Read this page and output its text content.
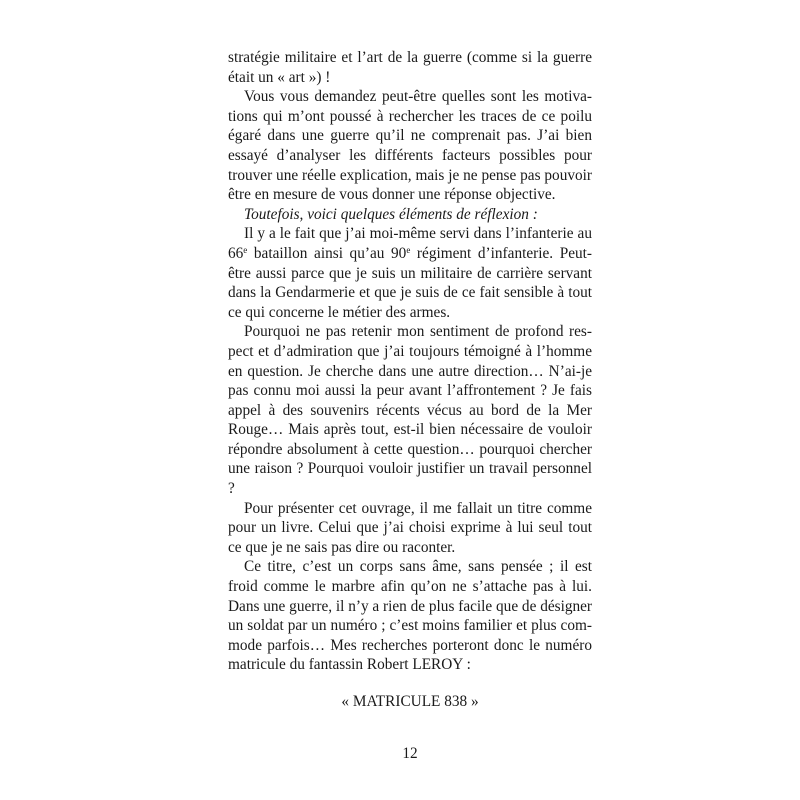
stratégie militaire et l’art de la guerre (comme si la guerre était un « art ») !

Vous vous demandez peut-être quelles sont les motivations qui m’ont poussé à rechercher les traces de ce poilu égaré dans une guerre qu’il ne comprenait pas. J’ai bien essayé d’analyser les différents facteurs possibles pour trouver une réelle explication, mais je ne pense pas pouvoir être en mesure de vous donner une réponse objective.

Toutefois, voici quelques éléments de réflexion :

Il y a le fait que j’ai moi-même servi dans l’infanterie au 66e bataillon ainsi qu’au 90e régiment d’infanterie. Peut-être aussi parce que je suis un militaire de carrière servant dans la Gendarmerie et que je suis de ce fait sensible à tout ce qui concerne le métier des armes.

Pourquoi ne pas retenir mon sentiment de profond respect et d’admiration que j’ai toujours témoigné à l’homme en question. Je cherche dans une autre direction… N’ai-je pas connu moi aussi la peur avant l’affrontement ? Je fais appel à des souvenirs récents vécus au bord de la Mer Rouge… Mais après tout, est-il bien nécessaire de vouloir répondre absolument à cette question… pourquoi chercher une raison ? Pourquoi vouloir justifier un travail personnel ?

Pour présenter cet ouvrage, il me fallait un titre comme pour un livre. Celui que j’ai choisi exprime à lui seul tout ce que je ne sais pas dire ou raconter.

Ce titre, c’est un corps sans âme, sans pensée ; il est froid comme le marbre afin qu’on ne s’attache pas à lui. Dans une guerre, il n’y a rien de plus facile que de désigner un soldat par un numéro ; c’est moins familier et plus commode parfois… Mes recherches porteront donc le numéro matricule du fantassin Robert LEROY :

« MATRICULE 838 »
12
